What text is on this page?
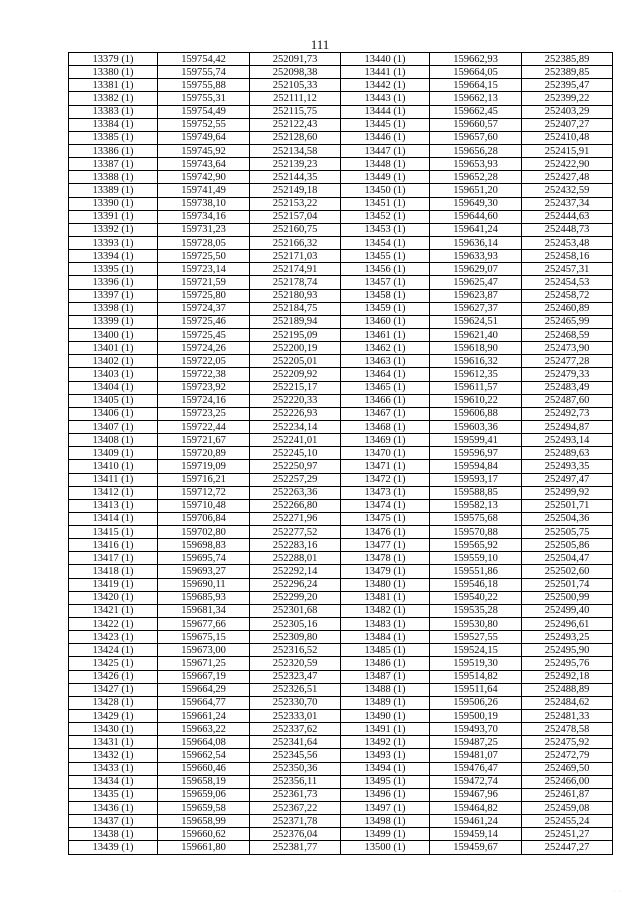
111
13379 (1)	159754,42	252091,73	13440 (1)	159662,93	252385,89
13380 (1)	159755,74	252098,38	13441 (1)	159664,05	252389,85
13381 (1)	159755,88	252105,33	13442 (1)	159664,15	252395,47
13382 (1)	159755,31	252111,12	13443 (1)	159662,13	252399,22
13383 (1)	159754,49	252115,75	13444 (1)	159662,45	252403,29
13384 (1)	159752,55	252122,43	13445 (1)	159660,57	252407,27
13385 (1)	159749,64	252128,60	13446 (1)	159657,60	252410,48
13386 (1)	159745,92	252134,58	13447 (1)	159656,28	252415,91
13387 (1)	159743,64	252139,23	13448 (1)	159653,93	252422,90
13388 (1)	159742,90	252144,35	13449 (1)	159652,28	252427,48
13389 (1)	159741,49	252149,18	13450 (1)	159651,20	252432,59
13390 (1)	159738,10	252153,22	13451 (1)	159649,30	252437,34
13391 (1)	159734,16	252157,04	13452 (1)	159644,60	252444,63
13392 (1)	159731,23	252160,75	13453 (1)	159641,24	252448,73
13393 (1)	159728,05	252166,32	13454 (1)	159636,14	252453,48
13394 (1)	159725,50	252171,03	13455 (1)	159633,93	252458,16
13395 (1)	159723,14	252174,91	13456 (1)	159629,07	252457,31
13396 (1)	159721,59	252178,74	13457 (1)	159625,47	252454,53
13397 (1)	159725,80	252180,93	13458 (1)	159623,87	252458,72
13398 (1)	159724,37	252184,75	13459 (1)	159627,37	252460,89
13399 (1)	159725,46	252189,94	13460 (1)	159624,51	252465,99
13400 (1)	159725,45	252195,09	13461 (1)	159621,40	252468,59
13401 (1)	159724,26	252200,19	13462 (1)	159618,90	252473,90
13402 (1)	159722,05	252205,01	13463 (1)	159616,32	252477,28
13403 (1)	159722,38	252209,92	13464 (1)	159612,35	252479,33
13404 (1)	159723,92	252215,17	13465 (1)	159611,57	252483,49
13405 (1)	159724,16	252220,33	13466 (1)	159610,22	252487,60
13406 (1)	159723,25	252226,93	13467 (1)	159606,88	252492,73
13407 (1)	159722,44	252234,14	13468 (1)	159603,36	252494,87
13408 (1)	159721,67	252241,01	13469 (1)	159599,41	252493,14
13409 (1)	159720,89	252245,10	13470 (1)	159596,97	252489,63
13410 (1)	159719,09	252250,97	13471 (1)	159594,84	252493,35
13411 (1)	159716,21	252257,29	13472 (1)	159593,17	252497,47
13412 (1)	159712,72	252263,36	13473 (1)	159588,85	252499,92
13413 (1)	159710,48	252266,80	13474 (1)	159582,13	252501,71
13414 (1)	159706,84	252271,96	13475 (1)	159575,68	252504,36
13415 (1)	159702,80	252277,52	13476 (1)	159570,88	252505,75
13416 (1)	159698,83	252283,16	13477 (1)	159565,92	252505,86
13417 (1)	159695,74	252288,01	13478 (1)	159559,10	252504,47
13418 (1)	159693,27	252292,14	13479 (1)	159551,86	252502,60
13419 (1)	159690,11	252296,24	13480 (1)	159546,18	252501,74
13420 (1)	159685,93	252299,20	13481 (1)	159540,22	252500,99
13421 (1)	159681,34	252301,68	13482 (1)	159535,28	252499,40
13422 (1)	159677,66	252305,16	13483 (1)	159530,80	252496,61
13423 (1)	159675,15	252309,80	13484 (1)	159527,55	252493,25
13424 (1)	159673,00	252316,52	13485 (1)	159524,15	252495,90
13425 (1)	159671,25	252320,59	13486 (1)	159519,30	252495,76
13426 (1)	159667,19	252323,47	13487 (1)	159514,82	252492,18
13427 (1)	159664,29	252326,51	13488 (1)	159511,64	252488,89
13428 (1)	159664,77	252330,70	13489 (1)	159506,26	252484,62
13429 (1)	159661,24	252333,01	13490 (1)	159500,19	252481,33
13430 (1)	159663,22	252337,62	13491 (1)	159493,70	252478,58
13431 (1)	159664,08	252341,64	13492 (1)	159487,25	252475,92
13432 (1)	159662,54	252345,56	13493 (1)	159481,07	252472,79
13433 (1)	159660,46	252350,36	13494 (1)	159476,47	252469,50
13434 (1)	159658,19	252356,11	13495 (1)	159472,74	252466,00
13435 (1)	159659,06	252361,73	13496 (1)	159467,96	252461,87
13436 (1)	159659,58	252367,22	13497 (1)	159464,82	252459,08
13437 (1)	159658,99	252371,78	13498 (1)	159461,24	252455,24
13438 (1)	159660,62	252376,04	13499 (1)	159459,14	252451,27
13439 (1)	159661,80	252381,77	13500 (1)	159459,67	252447,27
· ·
